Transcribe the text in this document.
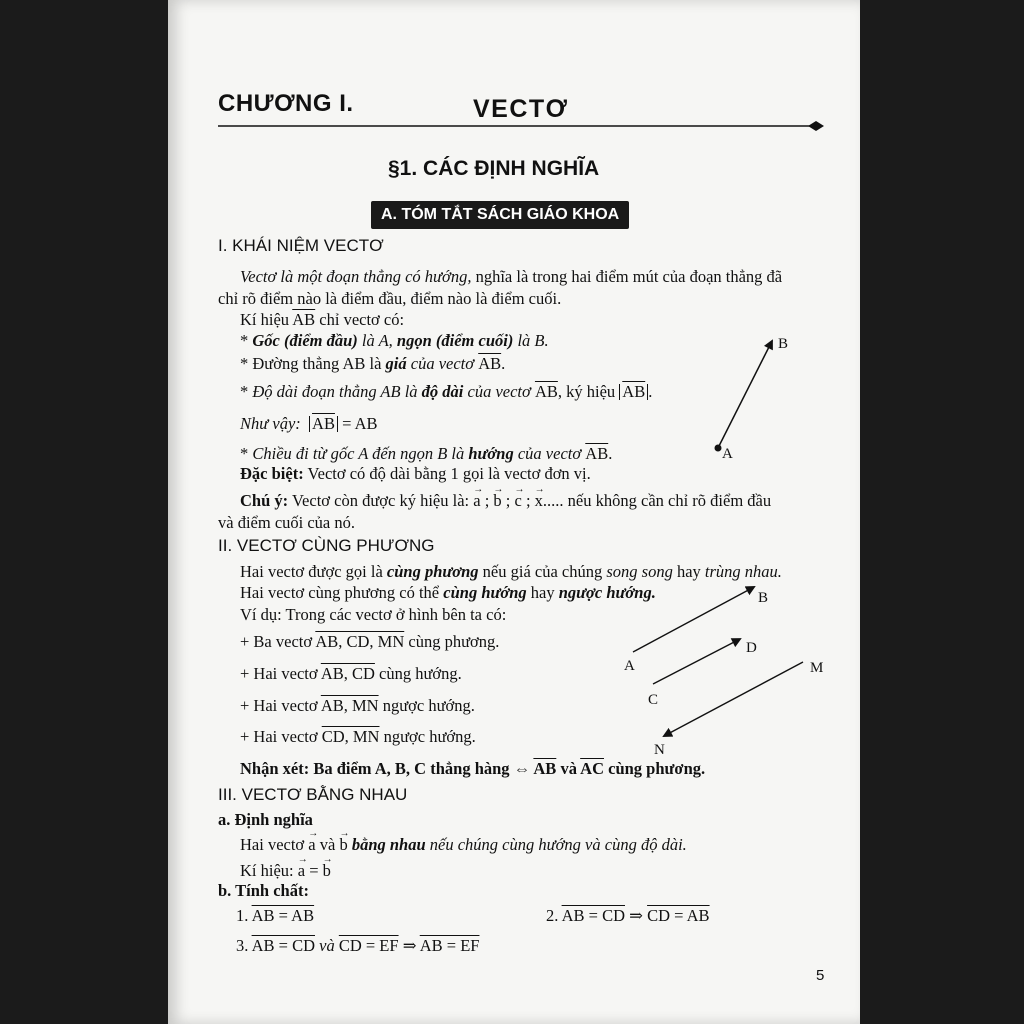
CHƯƠNG I.	VECTƠ
§1. CÁC ĐỊNH NGHĨA
A. TÓM TẮT SÁCH GIÁO KHOA
I. KHÁI NIỆM VECTƠ
Vectơ là một đoạn thẳng có hướng, nghĩa là trong hai điểm mút của đoạn thẳng đã
chỉ rõ điểm nào là điểm đầu, điểm nào là điểm cuối.
Kí hiệu $\overline{AB}$ chỉ vectơ có:
* Gốc (điểm đầu) là A, ngọn (điểm cuối) là B.
* Đường thẳng AB là giá của vectơ $\overline{AB}$.
* Độ dài đoạn thẳng AB là độ dài của vectơ $\overline{AB}$, ký hiệu $\overline{AB}$ .
Như vậy: $\overline{AB}$ = AB
* Chiều đi từ gốc A đến ngọn B là hướng của vectơ $\overline{AB}$.
Đặc biệt: Vectơ có độ dài bằng 1 gọi là vectơ đơn vị.
Chú ý: Vectơ còn được ký hiệu là: → a ; → b ; → c ; → x..... nếu không cần chỉ rõ điểm đầu
và điểm cuối của nó.
A
B
II. VECTƠ CÙNG PHƯƠNG
Hai vectơ được gọi là cùng phương nếu giá của chúng song song hay trùng nhau.
Hai vectơ cùng phương có thể cùng hướng hay ngược hướng.
Ví dụ: Trong các vectơ ở hình bên ta có:
+ Ba vectơ AB, CD, MN cùng phương.
+ Hai vectơ AB, CD cùng hướng.
+ Hai vectơ AB, MN ngược hướng.
+ Hai vectơ CD, MN ngược hướng.
Nhận xét: Ba điểm A, B, C thẳng hàng ⇔ $\overline{AB}$ và $\overline{AC}$ cùng phương.
A
B
C
D
M
N
III. VECTƠ BẰNG NHAU
a. Định nghĩa
Hai vectơ → a và → b bằng nhau nếu chúng cùng hướng và cùng độ dài.
Kí hiệu: → a = → b
b. Tính chất:
1. AB = AB	2. AB = CD ⇒ CD = AB
3. AB = CD và CD = EF ⇒ AB = EF
5
